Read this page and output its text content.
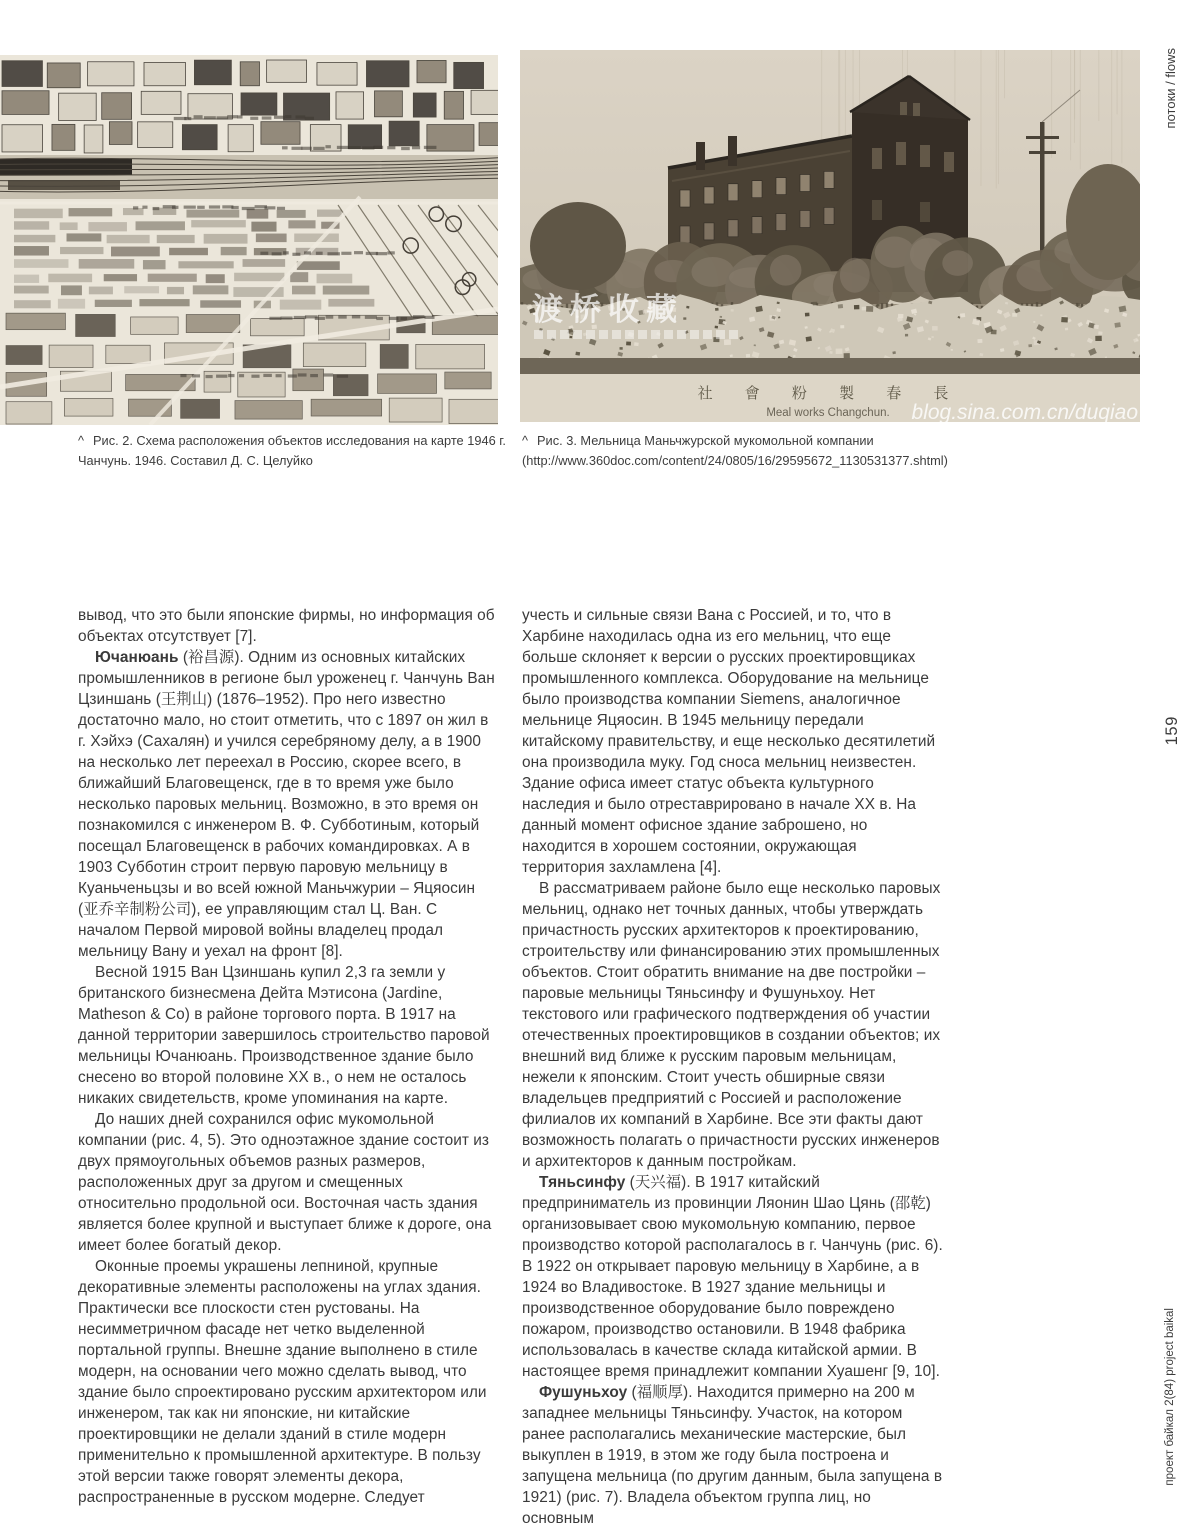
社 會 粉 製 春 長
Meal works Changchun. blog.sina.com.cn/duqiao
渡桥收藏
^ Рис. 2. Схема расположения объектов исследования на карте 1946 г. Чанчунь. 1946. Составил Д. С. Целуйко
^ Рис. 3. Мельница Маньчжурской мукомольной компании
(http://www.360doc.com/content/24/0805/16/29595672_1130531377.shtml)

вывод, что это были японские фирмы, но информация об объектах отсутствует [7].

Ючанюань (裕昌源). Одним из основных китайских промышленников в регионе был уроженец г. Чанчунь Ван Цзиншань (王荆山) (1876–1952). Про него известно достаточно мало, но стоит отметить, что с 1897 он жил в г. Хэйхэ (Сахалян) и учился серебряному делу, а в 1900 на несколько лет переехал в Россию, скорее всего, в ближайший Благовещенск, где в то время уже было несколько паровых мельниц. Возможно, в это время он познакомился с инженером В. Ф. Субботиным, который посещал Благовещенск в рабочих командировках. А в 1903 Субботин строит первую паровую мельницу в Куаньченьцзы и во всей южной Маньчжурии – Яцяосин (亚乔辛制粉公司), ее управляющим стал Ц. Ван. С началом Первой мировой войны владелец продал мельницу Вану и уехал на фронт [8].

Весной 1915 Ван Цзиншань купил 2,3 га земли у британского бизнесмена Дейта Мэтисона (Jardine, Matheson & Co) в районе торгового порта. В 1917 на данной территории завершилось строительство паровой мельницы Ючанюань. Производственное здание было снесено во второй половине XX в., о нем не осталось никаких свидетельств, кроме упоминания на карте.

До наших дней сохранился офис мукомольной компании (рис. 4, 5). Это одноэтажное здание состоит из двух прямоугольных объемов разных размеров, расположенных друг за другом и смещенных относительно продольной оси. Восточная часть здания является более крупной и выступает ближе к дороге, она имеет более богатый декор.

Оконные проемы украшены лепниной, крупные декоративные элементы расположены на углах здания. Практически все плоскости стен рустованы. На несимметричном фасаде нет четко выделенной портальной группы. Внешне здание выполнено в стиле модерн, на основании чего можно сделать вывод, что здание было спроектировано русским архитектором или инженером, так как ни японские, ни китайские проектировщики не делали зданий в стиле модерн применительно к промышленной архитектуре. В пользу этой версии также говорят элементы декора, распространенные в русском модерне. Следует

учесть и сильные связи Вана с Россией, и то, что в Харбине находилась одна из его мельниц, что еще больше склоняет к версии о русских проектировщиках промышленного комплекса. Оборудование на мельнице было производства компании Siemens, аналогичное мельнице Яцяосин. В 1945 мельницу передали китайскому правительству, и еще несколько десятилетий она производила муку. Год сноса мельниц неизвестен. Здание офиса имеет статус объекта культурного наследия и было отреставрировано в начале XX в. На данный момент офисное здание заброшено, но находится в хорошем состоянии, окружающая территория захламлена [4].

В рассматриваем районе было еще несколько паровых мельниц, однако нет точных данных, чтобы утверждать причастность русских архитекторов к проектированию, строительству или финансированию этих промышленных объектов. Стоит обратить внимание на две постройки – паровые мельницы Тяньсинфу и Фушуньхоу. Нет текстового или графического подтверждения об участии отечественных проектировщиков в создании объектов; их внешний вид ближе к русским паровым мельницам, нежели к японским. Стоит учесть обширные связи владельцев предприятий с Россией и расположение филиалов их компаний в Харбине. Все эти факты дают возможность полагать о причастности русских инженеров и архитекторов к данным постройкам.

Тяньсинфу (天兴福). В 1917 китайский предприниматель из провинции Ляонин Шао Цянь (邵乾) организовывает свою мукомольную компанию, первое производство которой располагалось в г. Чанчунь (рис. 6). В 1922 он открывает паровую мельницу в Харбине, а в 1924 во Владивостоке. В 1927 здание мельницы и производственное оборудование было повреждено пожаром, производство остановили. В 1948 фабрика использовалась в качестве склада китайской армии. В настоящее время принадлежит компании Хуашенг [9, 10].

Фушуньхоу (福顺厚). Находится примерно на 200 м западнее мельницы Тяньсинфу. Участок, на котором ранее располагались механические мастерские, был выкуплен в 1919, в этом же году была построена и запущена мельница (по другим данным, была запущена в 1921) (рис. 7). Владела объектом группа лиц, но основным

потоки / flows
159
проект байкал 2(84) project baikal
